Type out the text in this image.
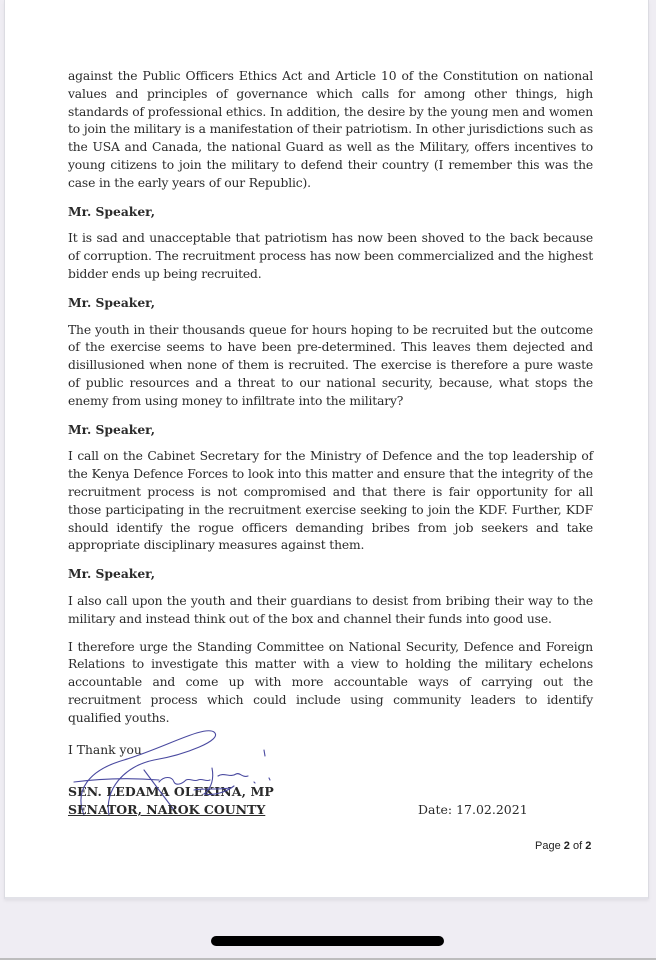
against the Public Officers Ethics Act and Article 10 of the Constitution on national values and principles of governance which calls for among other things, high standards of professional ethics. In addition, the desire by the young men and women to join the military is a manifestation of their patriotism. In other jurisdictions such as the USA and Canada, the national Guard as well as the Military, offers incentives to young citizens to join the military to defend their country (I remember this was the case in the early years of our Republic).

Mr. Speaker,

It is sad and unacceptable that patriotism has now been shoved to the back because of corruption. The recruitment process has now been commercialized and the highest bidder ends up being recruited.

Mr. Speaker,

The youth in their thousands queue for hours hoping to be recruited but the outcome of the exercise seems to have been pre-determined. This leaves them dejected and disillusioned when none of them is recruited. The exercise is therefore a pure waste of public resources and a threat to our national security, because, what stops the enemy from using money to infiltrate into the military?

Mr. Speaker,

I call on the Cabinet Secretary for the Ministry of Defence and the top leadership of the Kenya Defence Forces to look into this matter and ensure that the integrity of the recruitment process is not compromised and that there is fair opportunity for all those participating in the recruitment exercise seeking to join the KDF. Further, KDF should identify the rogue officers demanding bribes from job seekers and take appropriate disciplinary measures against them.

Mr. Speaker,

I also call upon the youth and their guardians to desist from bribing their way to the military and instead think out of the box and channel their funds into good use.

I therefore urge the Standing Committee on National Security, Defence and Foreign Relations to investigate this matter with a view to holding the military echelons accountable and come up with more accountable ways of carrying out the recruitment process which could include using community leaders to identify qualified youths.

I Thank you

SEN. LEDAMA OLEKINA, MP

SENATOR, NAROK COUNTY	Date: 17.02.2021
Page 2 of 2
